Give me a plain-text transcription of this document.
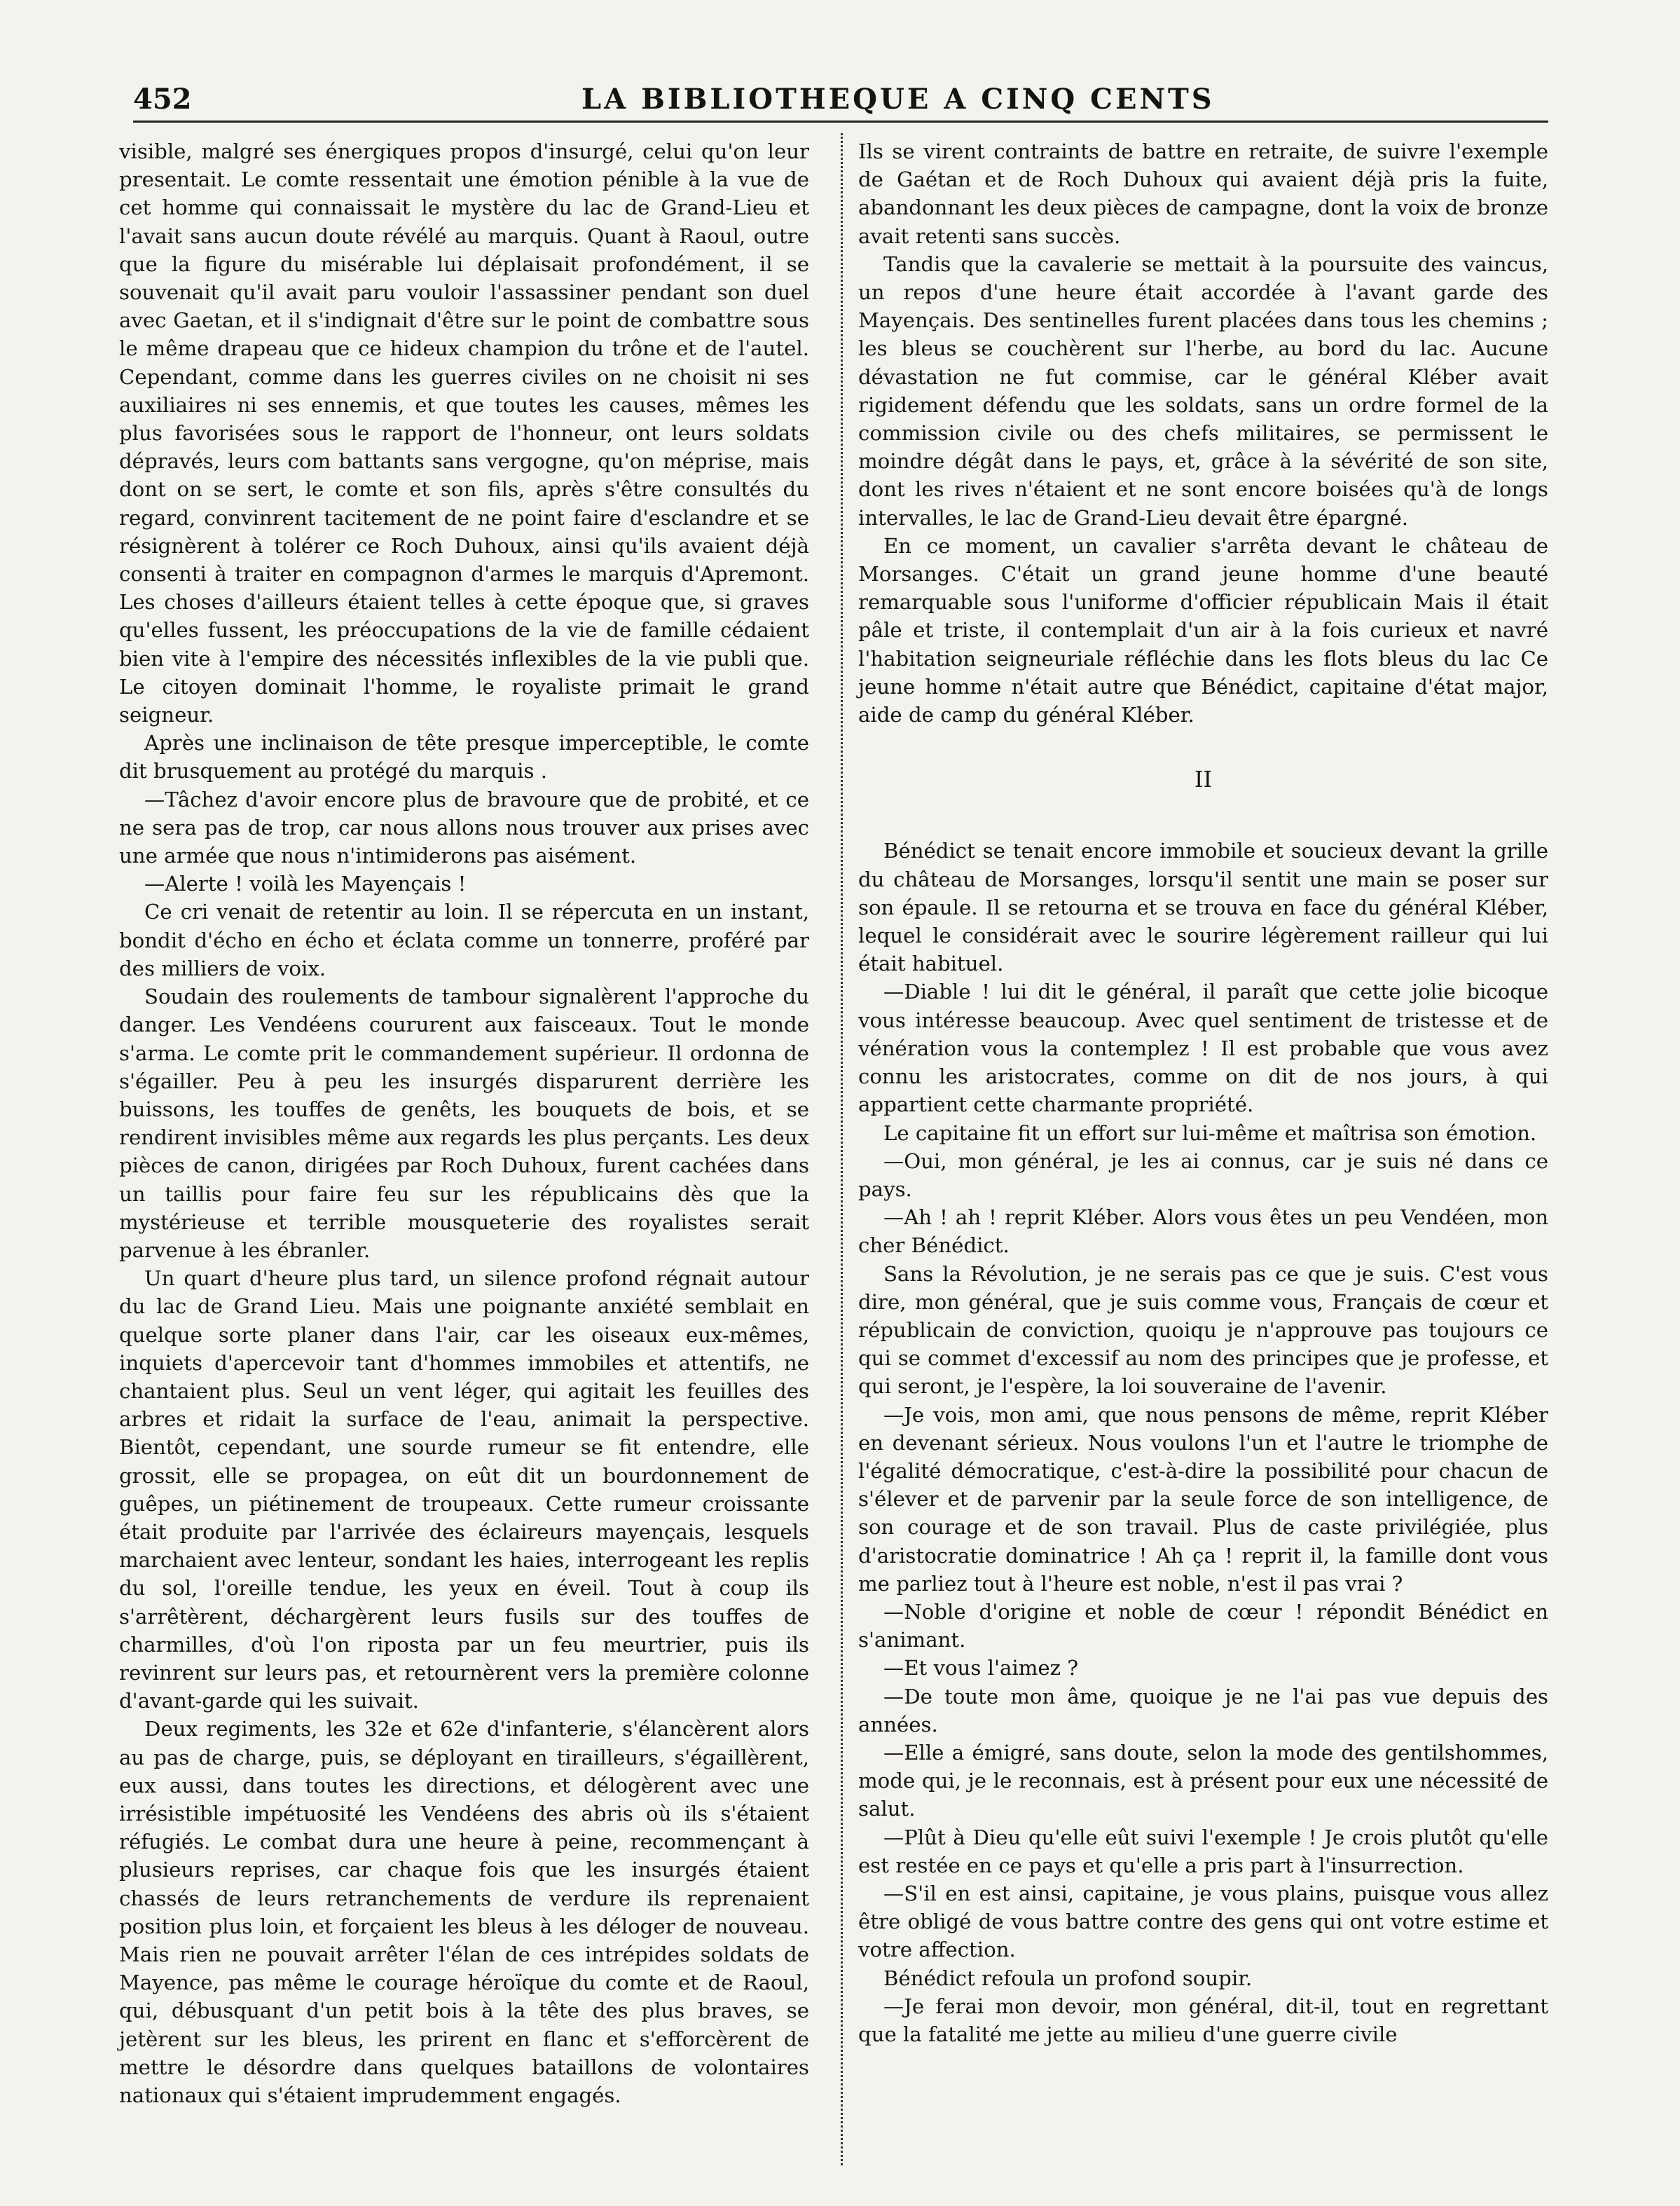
452	LA BIBLIOTHEQUE A CINQ CENTS

visible, malgré ses énergiques propos d'insurgé, celui qu'on leur presentait. Le comte ressentait une émotion pénible à la vue de cet homme qui connaissait le mystère du lac de Grand-Lieu et l'avait sans aucun doute révélé au marquis. Quant à Raoul, outre que la figure du misérable lui déplaisait profondément, il se souvenait qu'il avait paru vouloir l'assassiner pendant son duel avec Gaetan, et il s'indignait d'être sur le point de combattre sous le même drapeau que ce hideux champion du trône et de l'autel. Cependant, comme dans les guerres civiles on ne choisit ni ses auxiliaires ni ses ennemis, et que toutes les causes, mêmes les plus favorisées sous le rapport de l'honneur, ont leurs soldats dépravés, leurs com battants sans vergogne, qu'on méprise, mais dont on se sert, le comte et son fils, après s'être consultés du regard, convinrent tacitement de ne point faire d'esclandre et se résignèrent à tolérer ce Roch Duhoux, ainsi qu'ils avaient déjà consenti à traiter en compagnon d'armes le marquis d'Apremont. Les choses d'ailleurs étaient telles à cette époque que, si graves qu'elles fussent, les préoccupations de la vie de famille cédaient bien vite à l'empire des nécessités inflexibles de la vie publi que. Le citoyen dominait l'homme, le royaliste primait le grand seigneur.

Après une inclinaison de tête presque imperceptible, le comte dit brusquement au protégé du marquis .

—Tâchez d'avoir encore plus de bravoure que de probité, et ce ne sera pas de trop, car nous allons nous trouver aux prises avec une armée que nous n'intimiderons pas aisément.

—Alerte ! voilà les Mayençais !

Ce cri venait de retentir au loin. Il se répercuta en un instant, bondit d'écho en écho et éclata comme un tonnerre, proféré par des milliers de voix.

Soudain des roulements de tambour signalèrent l'approche du danger. Les Vendéens coururent aux faisceaux. Tout le monde s'arma. Le comte prit le commandement supérieur. Il ordonna de s'égailler. Peu à peu les insurgés disparurent derrière les buissons, les touffes de genêts, les bouquets de bois, et se rendirent invisibles même aux regards les plus perçants. Les deux pièces de canon, dirigées par Roch Duhoux, furent cachées dans un taillis pour faire feu sur les républicains dès que la mystérieuse et terrible mousqueterie des royalistes serait parvenue à les ébranler.

Un quart d'heure plus tard, un silence profond régnait autour du lac de Grand Lieu. Mais une poignante anxiété semblait en quelque sorte planer dans l'air, car les oiseaux eux-mêmes, inquiets d'apercevoir tant d'hommes immobiles et attentifs, ne chantaient plus. Seul un vent léger, qui agitait les feuilles des arbres et ridait la surface de l'eau, animait la perspective. Bientôt, cependant, une sourde rumeur se fit entendre, elle grossit, elle se propagea, on eût dit un bourdonnement de guêpes, un piétinement de troupeaux. Cette rumeur croissante était produite par l'arrivée des éclaireurs mayençais, lesquels marchaient avec lenteur, sondant les haies, interrogeant les replis du sol, l'oreille tendue, les yeux en éveil. Tout à coup ils s'arrêtèrent, déchargèrent leurs fusils sur des touffes de charmilles, d'où l'on riposta par un feu meurtrier, puis ils revinrent sur leurs pas, et retournèrent vers la première colonne d'avant-garde qui les suivait.

Deux regiments, les 32e et 62e d'infanterie, s'élancèrent alors au pas de charge, puis, se déployant en tirailleurs, s'égaillèrent, eux aussi, dans toutes les directions, et délogèrent avec une irrésistible impétuosité les Vendéens des abris où ils s'étaient réfugiés. Le combat dura une heure à peine, recommençant à plusieurs reprises, car chaque fois que les insurgés étaient chassés de leurs retranchements de verdure ils reprenaient position plus loin, et forçaient les bleus à les déloger de nouveau. Mais rien ne pouvait arrêter l'élan de ces intrépides soldats de Mayence, pas même le courage héroïque du comte et de Raoul, qui, débusquant d'un petit bois à la tête des plus braves, se jetèrent sur les bleus, les prirent en flanc et s'efforcèrent de mettre le désordre dans quelques bataillons de volontaires nationaux qui s'étaient imprudemment engagés.

Ils se virent contraints de battre en retraite, de suivre l'exemple de Gaétan et de Roch Duhoux qui avaient déjà pris la fuite, abandonnant les deux pièces de campagne, dont la voix de bronze avait retenti sans succès.

Tandis que la cavalerie se mettait à la poursuite des vaincus, un repos d'une heure était accordée à l'avant garde des Mayençais. Des sentinelles furent placées dans tous les chemins ; les bleus se couchèrent sur l'herbe, au bord du lac. Aucune dévastation ne fut commise, car le général Kléber avait rigidement défendu que les soldats, sans un ordre formel de la commission civile ou des chefs militaires, se permissent le moindre dégât dans le pays, et, grâce à la sévérité de son site, dont les rives n'étaient et ne sont encore boisées qu'à de longs intervalles, le lac de Grand-Lieu devait être épargné.

En ce moment, un cavalier s'arrêta devant le château de Morsanges. C'était un grand jeune homme d'une beauté remarquable sous l'uniforme d'officier républicain Mais il était pâle et triste, il contemplait d'un air à la fois curieux et navré l'habitation seigneuriale réfléchie dans les flots bleus du lac Ce jeune homme n'était autre que Bénédict, capitaine d'état major, aide de camp du général Kléber.

II

Bénédict se tenait encore immobile et soucieux devant la grille du château de Morsanges, lorsqu'il sentit une main se poser sur son épaule. Il se retourna et se trouva en face du général Kléber, lequel le considérait avec le sourire légèrement railleur qui lui était habituel.

—Diable ! lui dit le général, il paraît que cette jolie bicoque vous intéresse beaucoup. Avec quel sentiment de tristesse et de vénération vous la contemplez ! Il est probable que vous avez connu les aristocrates, comme on dit de nos jours, à qui appartient cette charmante propriété.

Le capitaine fit un effort sur lui-même et maîtrisa son émotion.

—Oui, mon général, je les ai connus, car je suis né dans ce pays.

—Ah ! ah ! reprit Kléber. Alors vous êtes un peu Vendéen, mon cher Bénédict.

Sans la Révolution, je ne serais pas ce que je suis. C'est vous dire, mon général, que je suis comme vous, Français de cœur et républicain de conviction, quoiqu je n'approuve pas toujours ce qui se commet d'excessif au nom des principes que je professe, et qui seront, je l'espère, la loi souveraine de l'avenir.

—Je vois, mon ami, que nous pensons de même, reprit Kléber en devenant sérieux. Nous voulons l'un et l'autre le triomphe de l'égalité démocratique, c'est-à-dire la possibilité pour chacun de s'élever et de parvenir par la seule force de son intelligence, de son courage et de son travail. Plus de caste privilégiée, plus d'aristocratie dominatrice ! Ah ça ! reprit il, la famille dont vous me parliez tout à l'heure est noble, n'est il pas vrai ?

—Noble d'origine et noble de cœur ! répondit Bénédict en s'animant.

—Et vous l'aimez ?

—De toute mon âme, quoique je ne l'ai pas vue depuis des années.

—Elle a émigré, sans doute, selon la mode des gentilshommes, mode qui, je le reconnais, est à présent pour eux une nécessité de salut.

—Plût à Dieu qu'elle eût suivi l'exemple ! Je crois plutôt qu'elle est restée en ce pays et qu'elle a pris part à l'insurrection.

—S'il en est ainsi, capitaine, je vous plains, puisque vous allez être obligé de vous battre contre des gens qui ont votre estime et votre affection.

Bénédict refoula un profond soupir.

—Je ferai mon devoir, mon général, dit-il, tout en regrettant que la fatalité me jette au milieu d'une guerre civile
